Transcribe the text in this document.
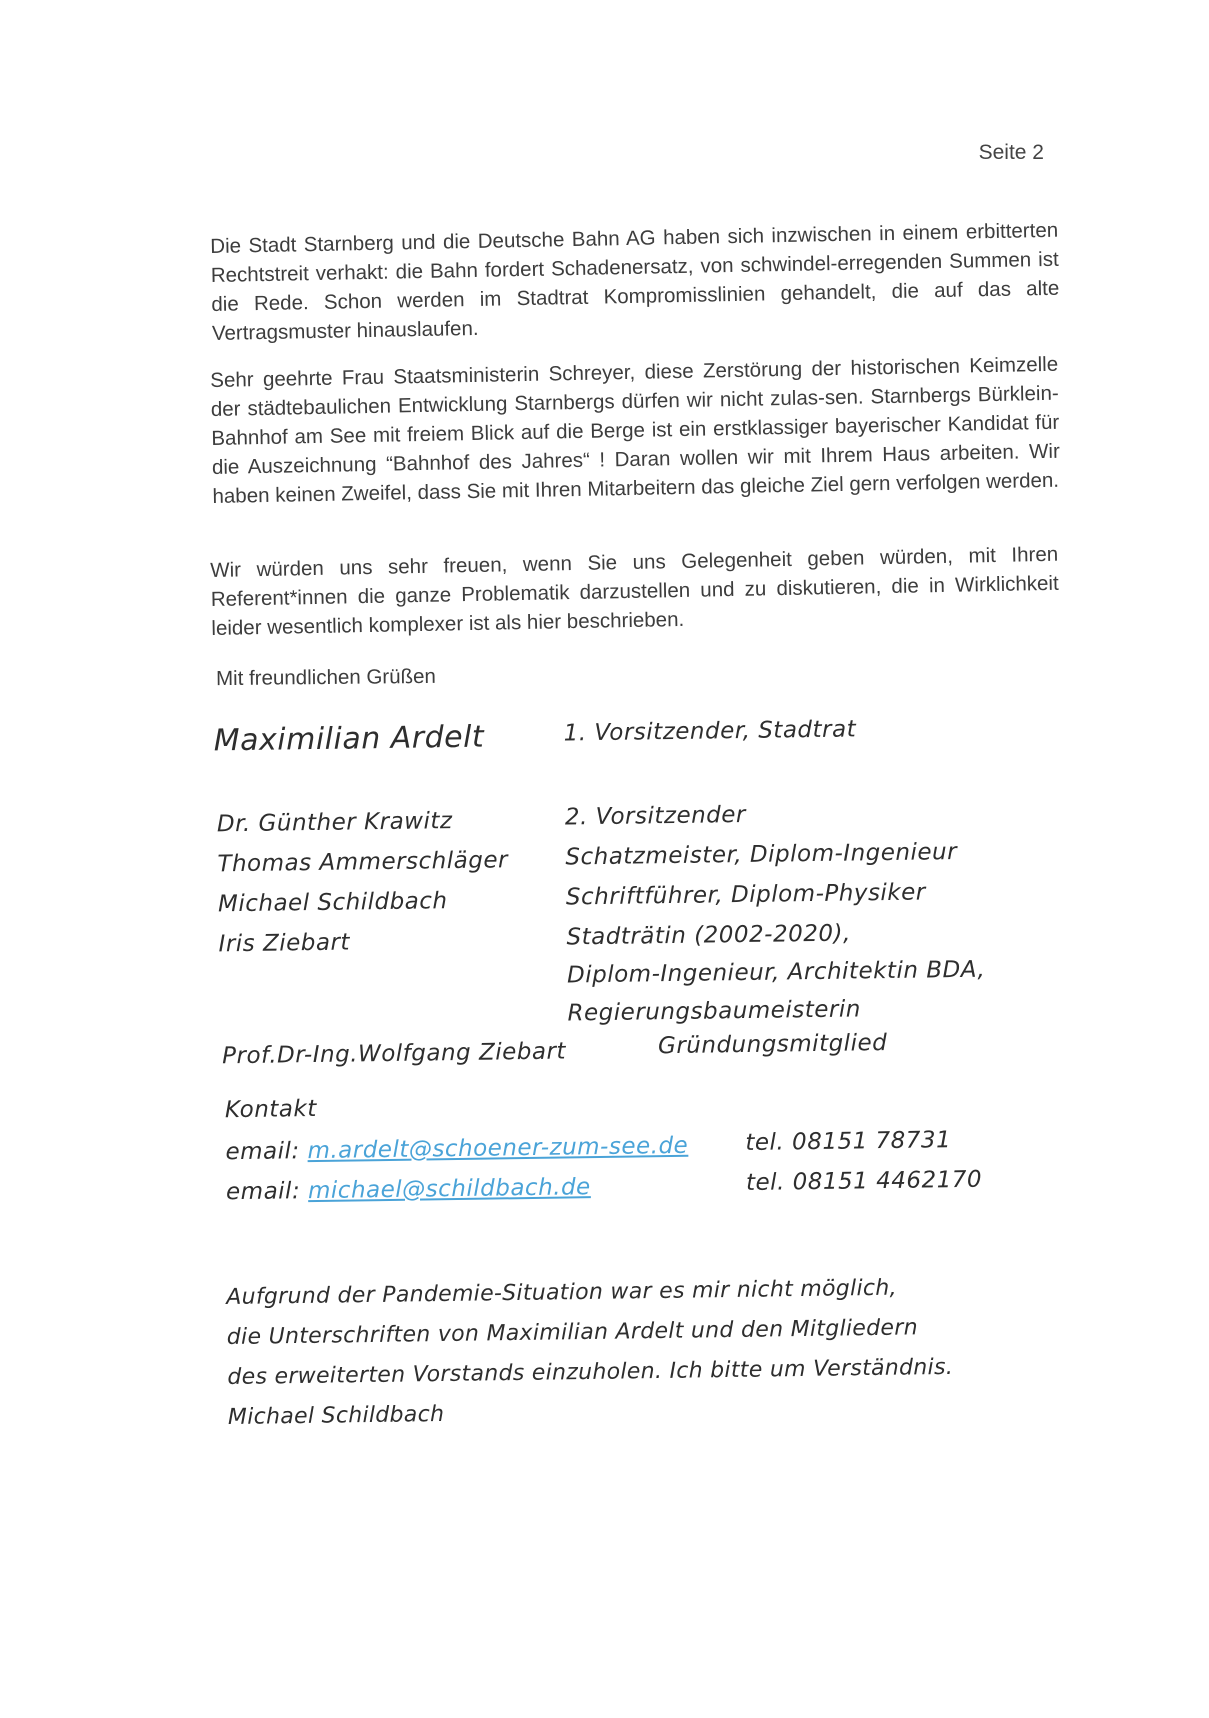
Seite 2

Die Stadt Starnberg und die Deutsche Bahn AG haben sich inzwischen in einem erbitterten Rechtstreit verhakt: die Bahn fordert Schadenersatz, von schwindel-erregenden Summen ist die Rede. Schon werden im Stadtrat Kompromisslinien gehandelt, die auf das alte Vertragsmuster hinauslaufen.

Sehr geehrte Frau Staatsministerin Schreyer, diese Zerstörung der historischen Keimzelle der städtebaulichen Entwicklung Starnbergs dürfen wir nicht zulas-sen. Starnbergs Bürklein-Bahnhof am See mit freiem Blick auf die Berge ist ein erstklassiger bayerischer Kandidat für die Auszeichnung “Bahnhof des Jahres“ ! Daran wollen wir mit Ihrem Haus arbeiten. Wir haben keinen Zweifel, dass Sie mit Ihren Mitarbeitern das gleiche Ziel gern verfolgen werden.

Wir würden uns sehr freuen, wenn Sie uns Gelegenheit geben würden, mit Ihren Referent*innen die ganze Problematik darzustellen und zu diskutieren, die in Wirklichkeit leider wesentlich komplexer ist als hier beschrieben.

Mit freundlichen Grüßen
Maximilian Ardelt	1. Vorsitzender, Stadtrat
Dr. Günther Krawitz	2. Vorsitzender
Thomas Ammerschläger Schatzmeister, Diplom-Ingenieur
Michael Schildbach	Schriftführer, Diplom-Physiker
Iris Ziebart	Stadträtin (2002-2020),
Diplom-Ingenieur, Architektin BDA,
Regierungsbaumeisterin
Prof.Dr-Ing.Wolfgang Ziebart	Gründungsmitglied
Kontakt
email: m.ardelt@schoener-zum-see.de tel. 08151 78731
email: michael@schildbach.de	tel. 08151 4462170
Aufgrund der Pandemie-Situation war es mir nicht möglich,
die Unterschriften von Maximilian Ardelt und den Mitgliedern
des erweiterten Vorstands einzuholen. Ich bitte um Verständnis.
Michael Schildbach
